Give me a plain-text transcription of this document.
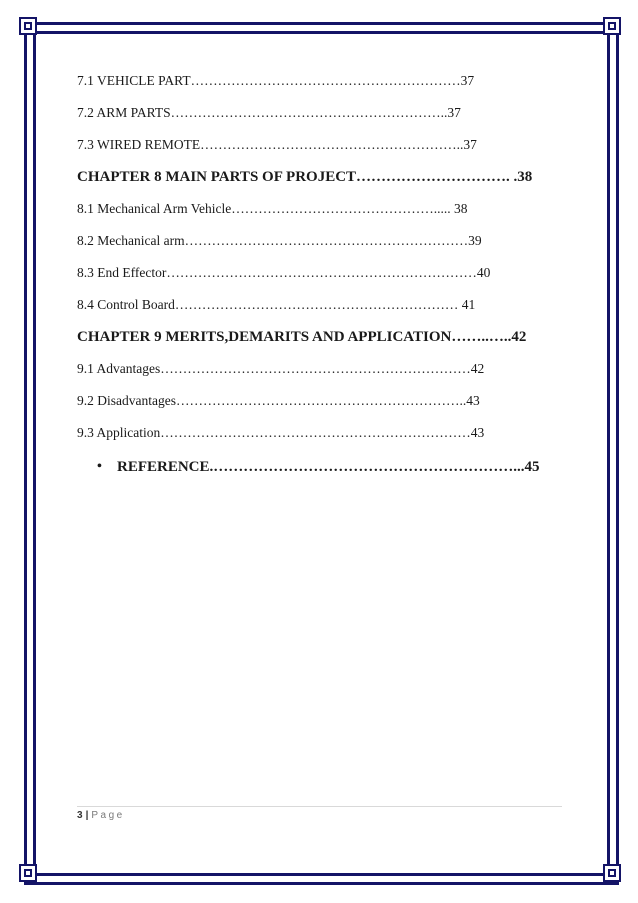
7.1 VEHICLE PART……………………………………………………37
7.2 ARM PARTS……………………………………………………..37
7.3 WIRED REMOTE…………………………………………………..37
CHAPTER 8 MAIN PARTS OF PROJECT…………………………. .38
8.1 Mechanical Arm Vehicle………………………………………..... 38
8.2 Mechanical arm………………………………………………………39
8.3 End Effector……………………………………………………………40
8.4 Control Board……………………………………………………… 41
CHAPTER 9 MERITS,DEMARITS AND APPLICATION……..…..42
9.1 Advantages……………………………………………………………42
9.2 Disadvantages………………………………………………………..43
9.3 Application……………………………………………………………43
•	REFERENCE.……………………………………………………...45
3 | Page
